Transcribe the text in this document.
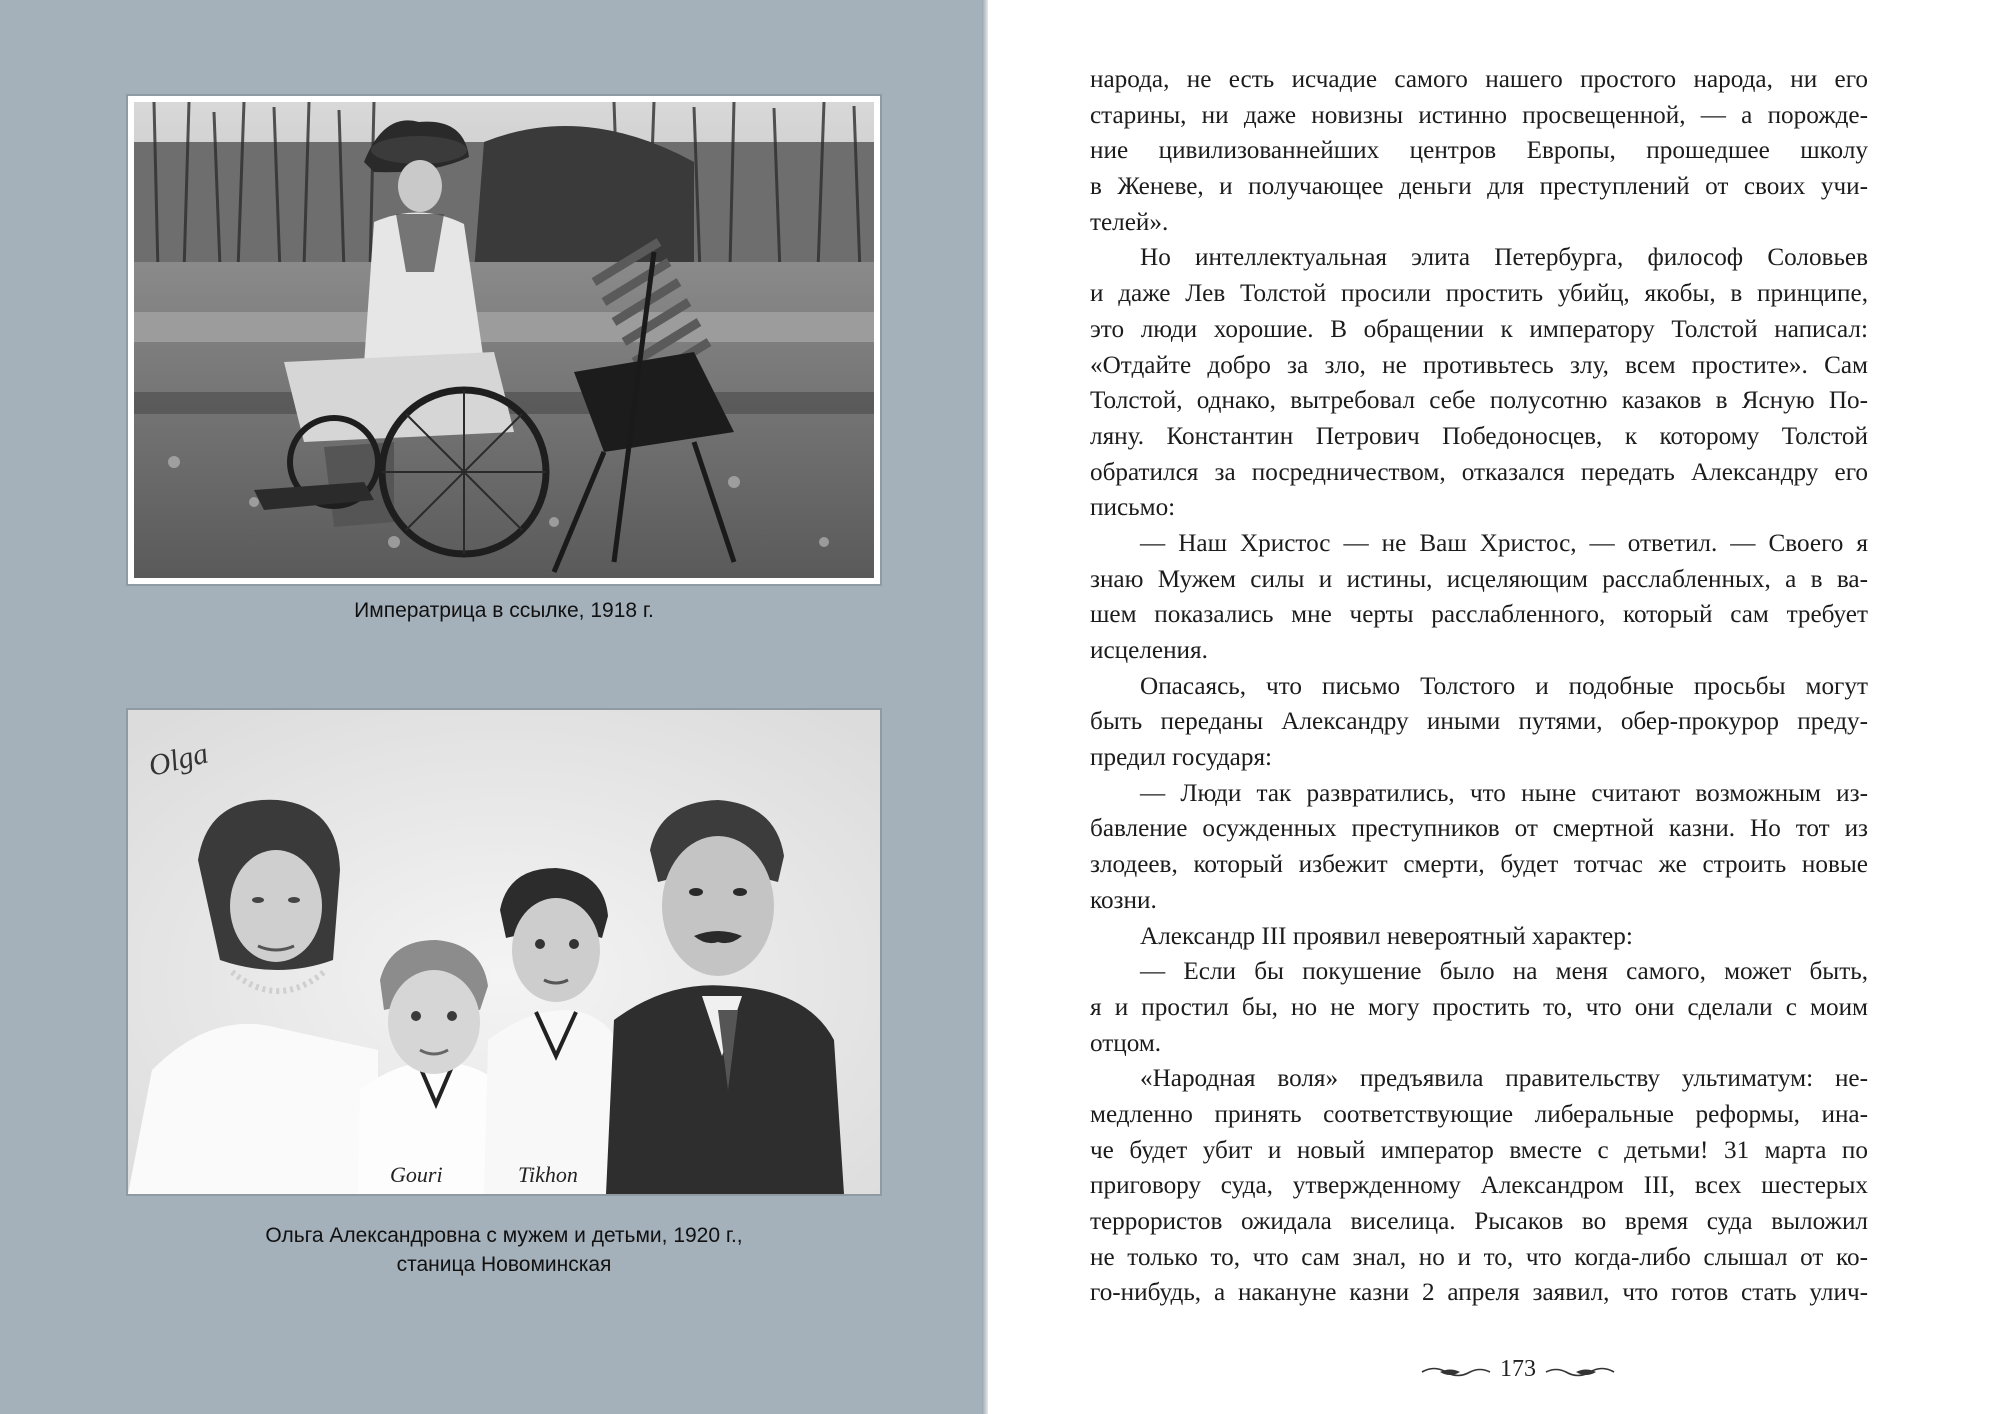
Императрица в ссылке, 1918 г.
Olga
Gouri	Tikhon
Ольга Александровна с мужем и детьми, 1920 г.,
станица Новоминская
народа, не есть исчадие самого нашего простого народа, ни его
старины, ни даже новизны истинно просвещенной, — а порожде-
ние цивилизованнейших центров Европы, прошедшее школу
в Женеве, и получающее деньги для преступлений от своих учи-
телей».
Но интеллектуальная элита Петербурга, философ Соловьев
и даже Лев Толстой просили простить убийц, якобы, в принципе,
это люди хорошие. В обращении к императору Толстой написал:
«Отдайте добро за зло, не противьтесь злу, всем простите». Сам
Толстой, однако, вытребовал себе полусотню казаков в Ясную По-
ляну. Константин Петрович Победоносцев, к которому Толстой
обратился за посредничеством, отказался передать Александру его
письмо:
— Наш Христос — не Ваш Христос, — ответил. — Своего я
знаю Мужем силы и истины, исцеляющим расслабленных, а в ва-
шем показались мне черты расслабленного, который сам требует
исцеления.
Опасаясь, что письмо Толстого и подобные просьбы могут
быть переданы Александру иными путями, обер-прокурор преду-
предил государя:
— Люди так развратились, что ныне считают возможным из-
бавление осужденных преступников от смертной казни. Но тот из
злодеев, который избежит смерти, будет тотчас же строить новые
козни.
Александр III проявил невероятный характер:
— Если бы покушение было на меня самого, может быть,
я и простил бы, но не могу простить то, что они сделали с моим
отцом.
«Народная воля» предъявила правительству ультиматум: не-
медленно принять соответствующие либеральные реформы, ина-
че будет убит и новый император вместе с детьми! 31 марта по
приговору суда, утвержденному Александром III, всех шестерых
террористов ожидала виселица. Рысаков во время суда выложил
не только то, что сам знал, но и то, что когда-либо слышал от ко-
го-нибудь, а накануне казни 2 апреля заявил, что готов стать улич-
173
